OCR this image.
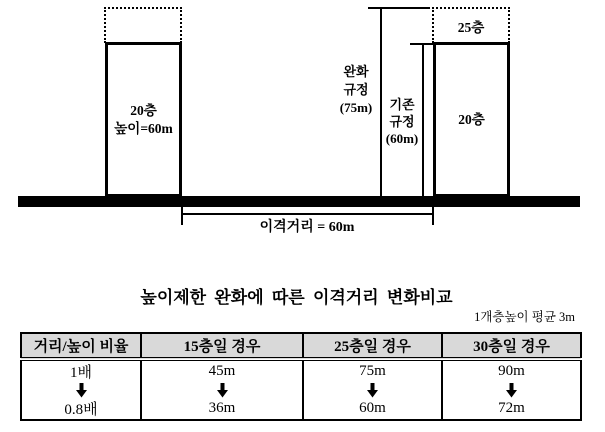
20층
높이=60m
25층
20층
완화
규정
(75m)	기존
규정
(60m)
이격거리 = 60m
높이제한 완화에 따른 이격거리 변화비교
1개층높이 평균 3m
거리/높이 비율	15층일 경우	25층일 경우	30층일 경우
1배	45m	75m	90m

0.8배	36m	60m	72m
